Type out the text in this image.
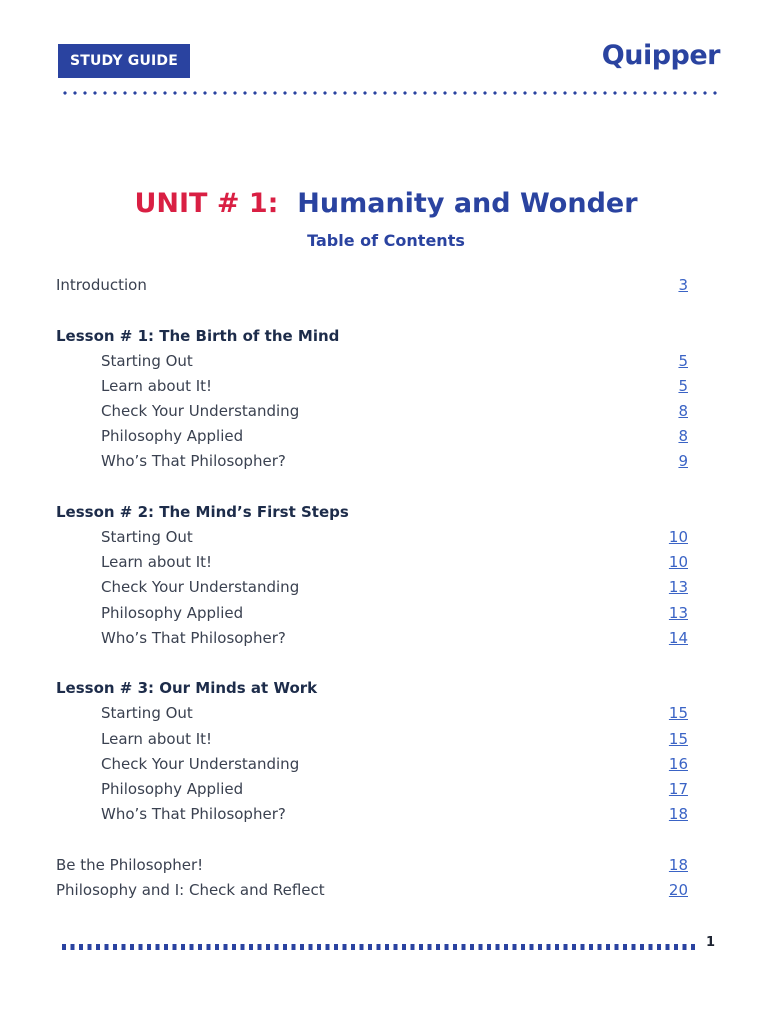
STUDY GUIDE	Quipper
UNIT # 1: Humanity and Wonder
Table of Contents
Introduction	3
Lesson # 1: The Birth of the Mind
Starting Out	5
Learn about It!	5
Check Your Understanding	8
Philosophy Applied	8
Who’s That Philosopher?	9
Lesson # 2: The Mind’s First Steps
Starting Out	10
Learn about It!	10
Check Your Understanding	13
Philosophy Applied	13
Who’s That Philosopher?	14
Lesson # 3: Our Minds at Work
Starting Out	15
Learn about It!	15
Check Your Understanding	16
Philosophy Applied	17
Who’s That Philosopher?	18
Be the Philosopher!	18
Philosophy and I: Check and Reflect	20
1
